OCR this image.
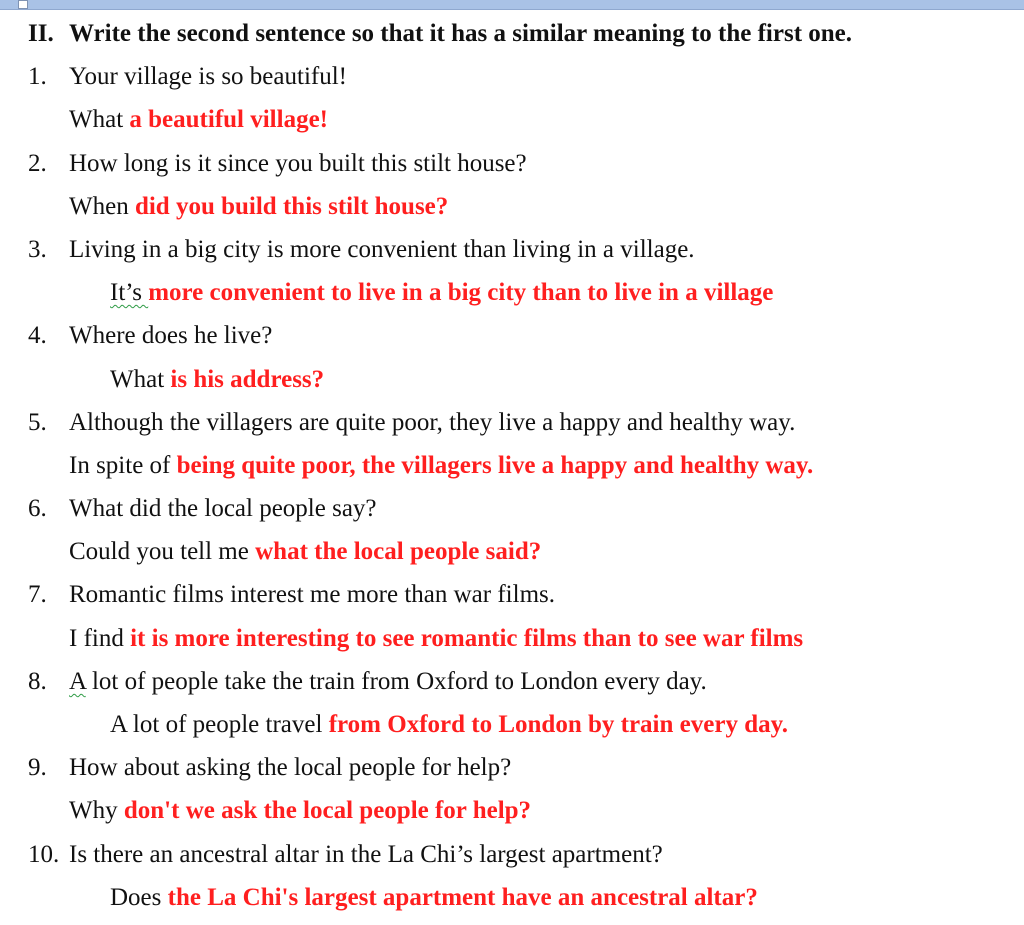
II. Write the second sentence so that it has a similar meaning to the first one.
1. Your village is so beautiful!
What a beautiful village!
2. How long is it since you built this stilt house?
When did you build this stilt house?
3. Living in a big city is more convenient than living in a village.
It’s more convenient to live in a big city than to live in a village
4. Where does he live?
What is his address?
5. Although the villagers are quite poor, they live a happy and healthy way.
In spite of being quite poor, the villagers live a happy and healthy way.
6. What did the local people say?
Could you tell me what the local people said?
7. Romantic films interest me more than war films.
I find it is more interesting to see romantic films than to see war films
8. A lot of people take the train from Oxford to London every day.
A lot of people travel from Oxford to London by train every day.
9. How about asking the local people for help?
Why don't we ask the local people for help?
10. Is there an ancestral altar in the La Chi’s largest apartment?
Does the La Chi's largest apartment have an ancestral altar?
